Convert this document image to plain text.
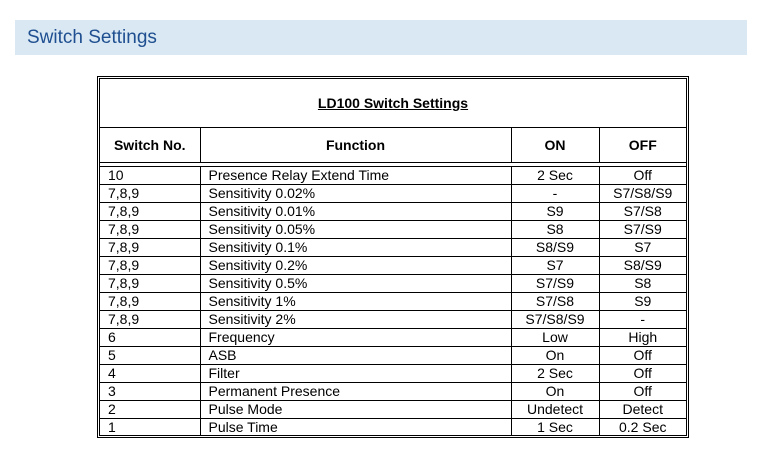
Switch Settings
LD100 Switch Settings
Switch No.	Function	ON	OFF
10	Presence Relay Extend Time	2 Sec	Off
7,8,9	Sensitivity 0.02%	-	S7/S8/S9
7,8,9	Sensitivity 0.01%	S9	S7/S8
7,8,9	Sensitivity 0.05%	S8	S7/S9
7,8,9	Sensitivity 0.1%	S8/S9	S7
7,8,9	Sensitivity 0.2%	S7	S8/S9
7,8,9	Sensitivity 0.5%	S7/S9	S8
7,8,9	Sensitivity 1%	S7/S8	S9
7,8,9	Sensitivity 2%	S7/S8/S9	-
6	Frequency	Low	High
5	ASB	On	Off
4	Filter	2 Sec	Off
3	Permanent Presence	On	Off
2	Pulse Mode	Undetect	Detect
1	Pulse Time	1 Sec	0.2 Sec
